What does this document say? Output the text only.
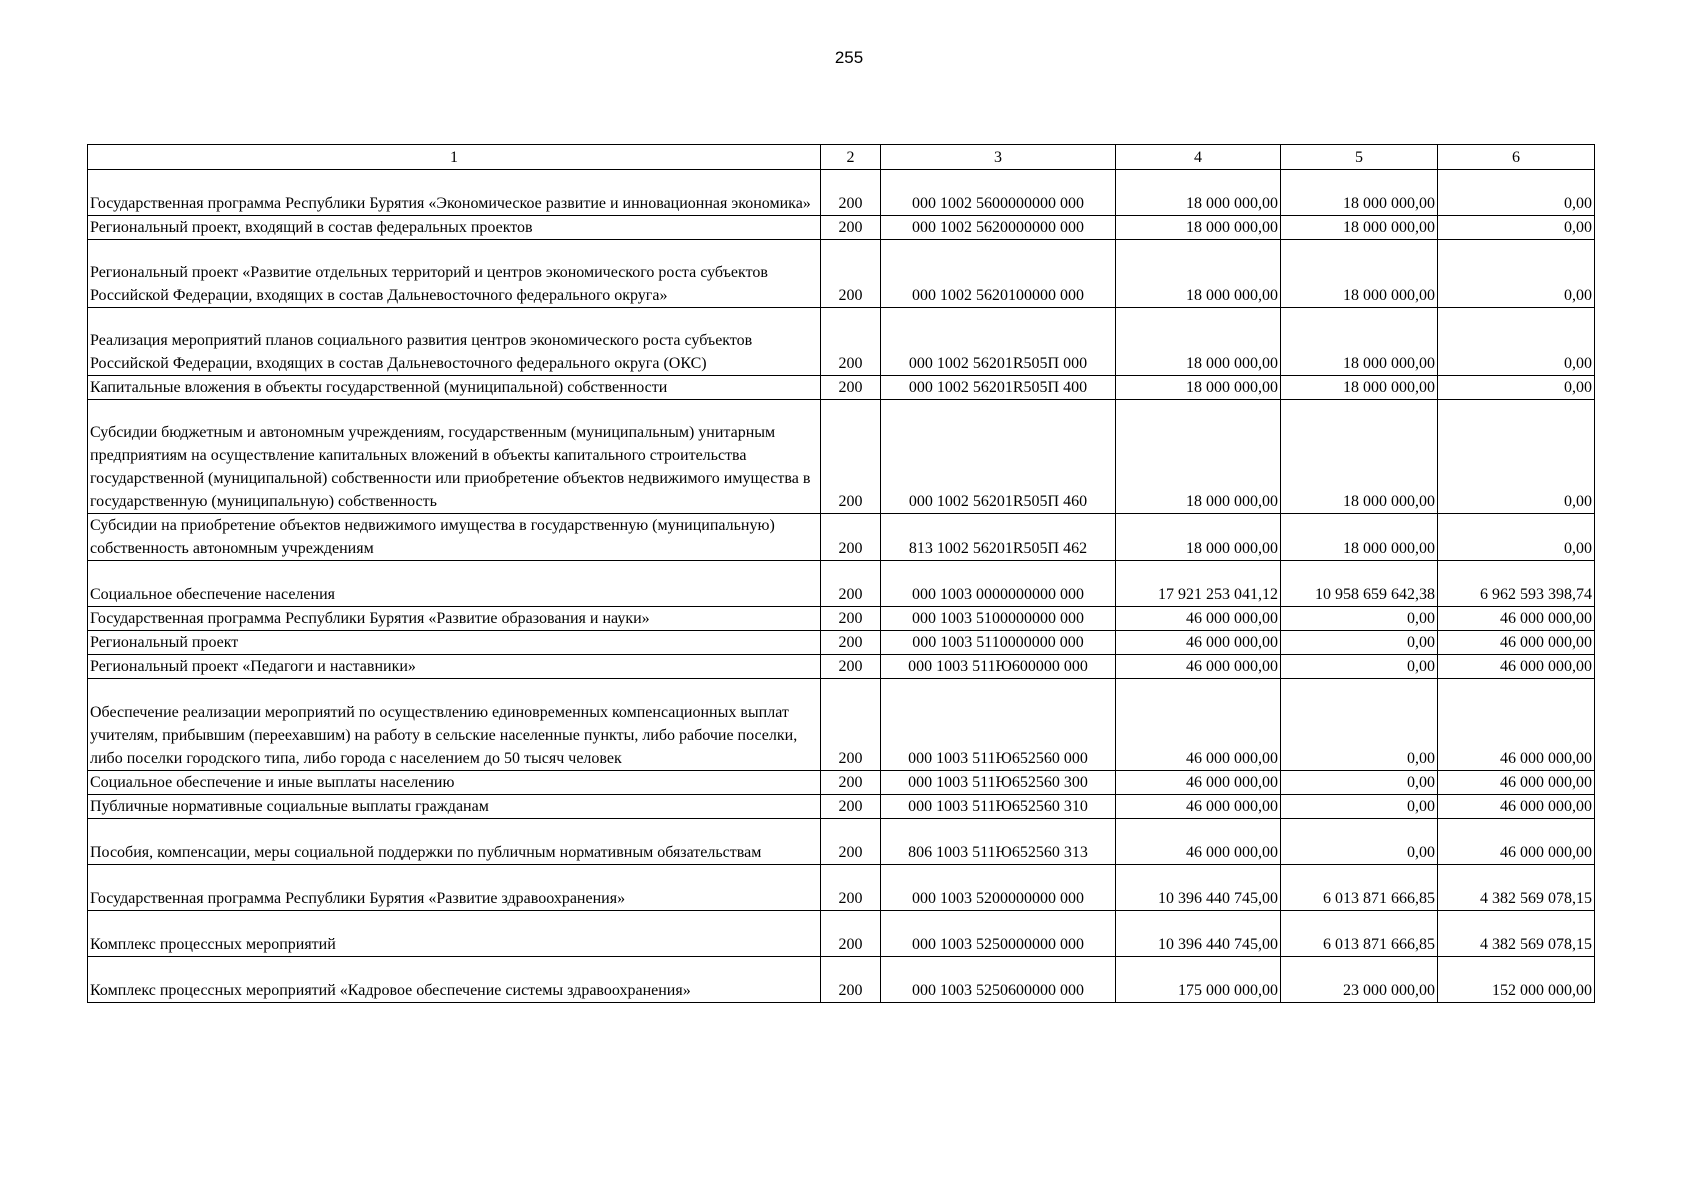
255
1	2	3	4	5	6
Государственная программа Республики Бурятия «Экономическое развитие и инновационная экономика»	200	000 1002 5600000000 000	18 000 000,00	18 000 000,00	0,00
Региональный проект, входящий в состав федеральных проектов	200	000 1002 5620000000 000	18 000 000,00	18 000 000,00	0,00
Региональный проект «Развитие отдельных территорий и центров экономического роста субъектов Российской Федерации, входящих в состав Дальневосточного федерального округа»	200	000 1002 5620100000 000	18 000 000,00	18 000 000,00	0,00
Реализация мероприятий планов социального развития центров экономического роста субъектов Российской Федерации, входящих в состав Дальневосточного федерального округа (ОКС)	200	000 1002 56201R505П 000	18 000 000,00	18 000 000,00	0,00
Капитальные вложения в объекты государственной (муниципальной) собственности	200	000 1002 56201R505П 400	18 000 000,00	18 000 000,00	0,00
Субсидии бюджетным и автономным учреждениям, государственным (муниципальным) унитарным предприятиям на осуществление капитальных вложений в объекты капитального строительства государственной (муниципальной) собственности или приобретение объектов недвижимого имущества в государственную (муниципальную) собственность	200	000 1002 56201R505П 460	18 000 000,00	18 000 000,00	0,00
Субсидии на приобретение объектов недвижимого имущества в государственную (муниципальную) собственность автономным учреждениям	200	813 1002 56201R505П 462	18 000 000,00	18 000 000,00	0,00
Социальное обеспечение населения	200	000 1003 0000000000 000	17 921 253 041,12	10 958 659 642,38	6 962 593 398,74
Государственная программа Республики Бурятия «Развитие образования и науки»	200	000 1003 5100000000 000	46 000 000,00	0,00	46 000 000,00
Региональный проект	200	000 1003 5110000000 000	46 000 000,00	0,00	46 000 000,00
Региональный проект «Педагоги и наставники»	200	000 1003 511Ю600000 000	46 000 000,00	0,00	46 000 000,00
Обеспечение реализации мероприятий по осуществлению единовременных компенсационных выплат учителям, прибывшим (переехавшим) на работу в сельские населенные пункты, либо рабочие поселки, либо поселки городского типа, либо города с населением до 50 тысяч человек	200	000 1003 511Ю652560 000	46 000 000,00	0,00	46 000 000,00
Социальное обеспечение и иные выплаты населению	200	000 1003 511Ю652560 300	46 000 000,00	0,00	46 000 000,00
Публичные нормативные социальные выплаты гражданам	200	000 1003 511Ю652560 310	46 000 000,00	0,00	46 000 000,00
Пособия, компенсации, меры социальной поддержки по публичным нормативным обязательствам	200	806 1003 511Ю652560 313	46 000 000,00	0,00	46 000 000,00
Государственная программа Республики Бурятия «Развитие здравоохранения»	200	000 1003 5200000000 000	10 396 440 745,00	6 013 871 666,85	4 382 569 078,15
Комплекс процессных мероприятий	200	000 1003 5250000000 000	10 396 440 745,00	6 013 871 666,85	4 382 569 078,15
Комплекс процессных мероприятий «Кадровое обеспечение системы здравоохранения»	200	000 1003 5250600000 000	175 000 000,00	23 000 000,00	152 000 000,00
